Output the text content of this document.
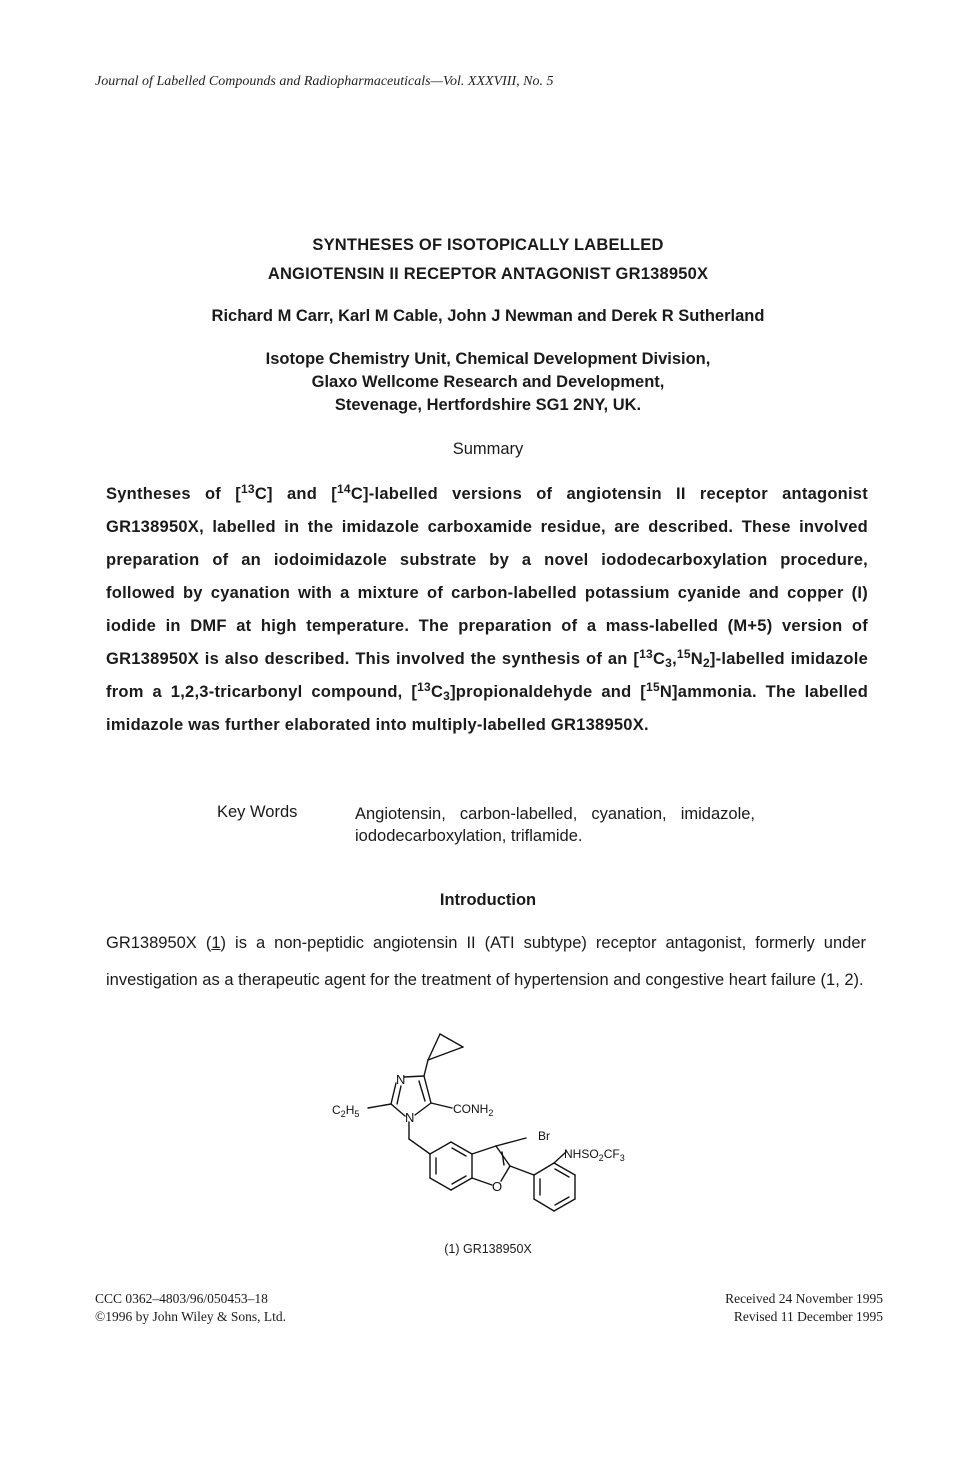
Journal of Labelled Compounds and Radiopharmaceuticals—Vol. XXXVIII, No. 5
SYNTHESES OF ISOTOPICALLY LABELLED
ANGIOTENSIN II RECEPTOR ANTAGONIST GR138950X
Richard M Carr, Karl M Cable, John J Newman and Derek R Sutherland
Isotope Chemistry Unit, Chemical Development Division,
Glaxo Wellcome Research and Development,
Stevenage, Hertfordshire SG1 2NY, UK.
Summary
Syntheses of [$^{13}$C] and [$^{14}$C]-labelled versions of angiotensin II receptor antagonist GR138950X, labelled in the imidazole carboxamide residue, are described. These involved preparation of an iodoimidazole substrate by a novel iododecarboxylation procedure, followed by cyanation with a mixture of carbon-labelled potassium cyanide and copper (I) iodide in DMF at high temperature. The preparation of a mass-labelled (M+5) version of GR138950X is also described. This involved the synthesis of an $[^{13}C_3,^{15}N_2]$-labelled imidazole from a 1,2,3-tricarbonyl compound, $[^{13}C_3]propionaldehyde$ and [$^{15}$N]ammonia. The labelled imidazole was further elaborated into multiply-labelled GR138950X.
Key Words	Angiotensin, carbon-labelled, cyanation, imidazole, iododecarboxylation, triflamide.
Introduction
GR138950X (1) is a non-peptidic angiotensin II (ATI subtype) receptor antagonist, formerly under investigation as a therapeutic agent for the treatment of hypertension and congestive heart failure (1, 2).
N
N
$C_2H_5$	$CONH_2$
Br
$NHSO_2CF_3$
O
(1) GR138950X
CCC 0362–4803/96/050453–18
©1996 by John Wiley & Sons, Ltd.
Received 24 November 1995
Revised 11 December 1995
